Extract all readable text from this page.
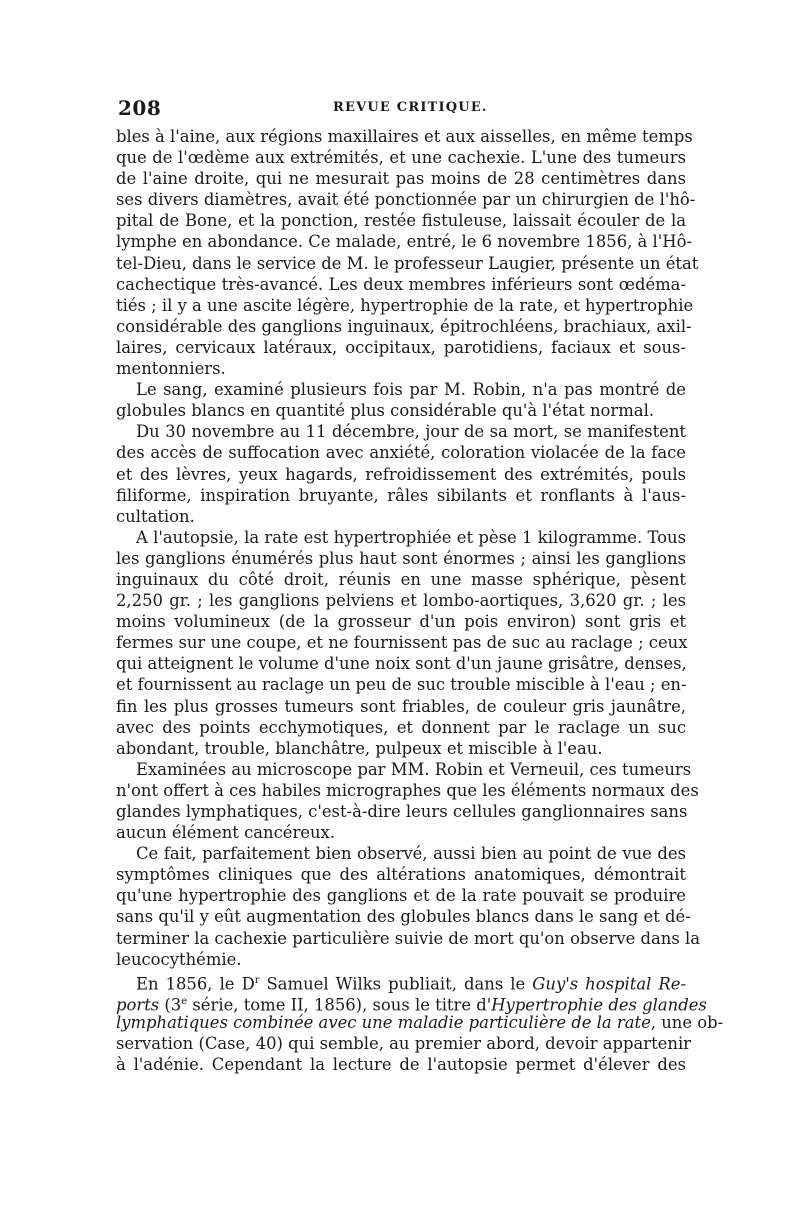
208	REVUE CRITIQUE.
bles à l'aine, aux régions maxillaires et aux aisselles, en même temps
que de l'œdème aux extrémités, et une cachexie. L'une des tumeurs
de l'aine droite, qui ne mesurait pas moins de 28 centimètres dans
ses divers diamètres, avait été ponctionnée par un chirurgien de l'hô-
pital de Bone, et la ponction, restée fistuleuse, laissait écouler de la
lymphe en abondance. Ce malade, entré, le 6 novembre 1856, à l'Hô-
tel-Dieu, dans le service de M. le professeur Laugier, présente un état
cachectique très-avancé. Les deux membres inférieurs sont œdéma-
tiés ; il y a une ascite légère, hypertrophie de la rate, et hypertrophie
considérable des ganglions inguinaux, épitrochléens, brachiaux, axil-
laires, cervicaux latéraux, occipitaux, parotidiens, faciaux et sous-
mentonniers.
Le sang, examiné plusieurs fois par M. Robin, n'a pas montré de
globules blancs en quantité plus considérable qu'à l'état normal.
Du 30 novembre au 11 décembre, jour de sa mort, se manifestent
des accès de suffocation avec anxiété, coloration violacée de la face
et des lèvres, yeux hagards, refroidissement des extrémités, pouls
filiforme, inspiration bruyante, râles sibilants et ronflants à l'aus-
cultation.
A l'autopsie, la rate est hypertrophiée et pèse 1 kilogramme. Tous
les ganglions énumérés plus haut sont énormes ; ainsi les ganglions
inguinaux du côté droit, réunis en une masse sphérique, pèsent
2,250 gr. ; les ganglions pelviens et lombo-aortiques, 3,620 gr. ; les
moins volumineux (de la grosseur d'un pois environ) sont gris et
fermes sur une coupe, et ne fournissent pas de suc au raclage ; ceux
qui atteignent le volume d'une noix sont d'un jaune grisâtre, denses,
et fournissent au raclage un peu de suc trouble miscible à l'eau ; en-
fin les plus grosses tumeurs sont friables, de couleur gris jaunâtre,
avec des points ecchymotiques, et donnent par le raclage un suc
abondant, trouble, blanchâtre, pulpeux et miscible à l'eau.
Examinées au microscope par MM. Robin et Verneuil, ces tumeurs
n'ont offert à ces habiles micrographes que les éléments normaux des
glandes lymphatiques, c'est-à-dire leurs cellules ganglionnaires sans
aucun élément cancéreux.
Ce fait, parfaitement bien observé, aussi bien au point de vue des
symptômes cliniques que des altérations anatomiques, démontrait
qu'une hypertrophie des ganglions et de la rate pouvait se produire
sans qu'il y eût augmentation des globules blancs dans le sang et dé-
terminer la cachexie particulière suivie de mort qu'on observe dans la
leucocythémie.
En 1856, le $D^r$ Samuel Wilks publiait, dans le Guy's hospital Re-
ports (3e série, tome II, 1856), sous le titre d'Hypertrophie des glandes
lymphatiques combinée avec une maladie particulière de la rate, une ob-
servation (Case, 40) qui semble, au premier abord, devoir appartenir
à l'adénie. Cependant la lecture de l'autopsie permet d'élever des
